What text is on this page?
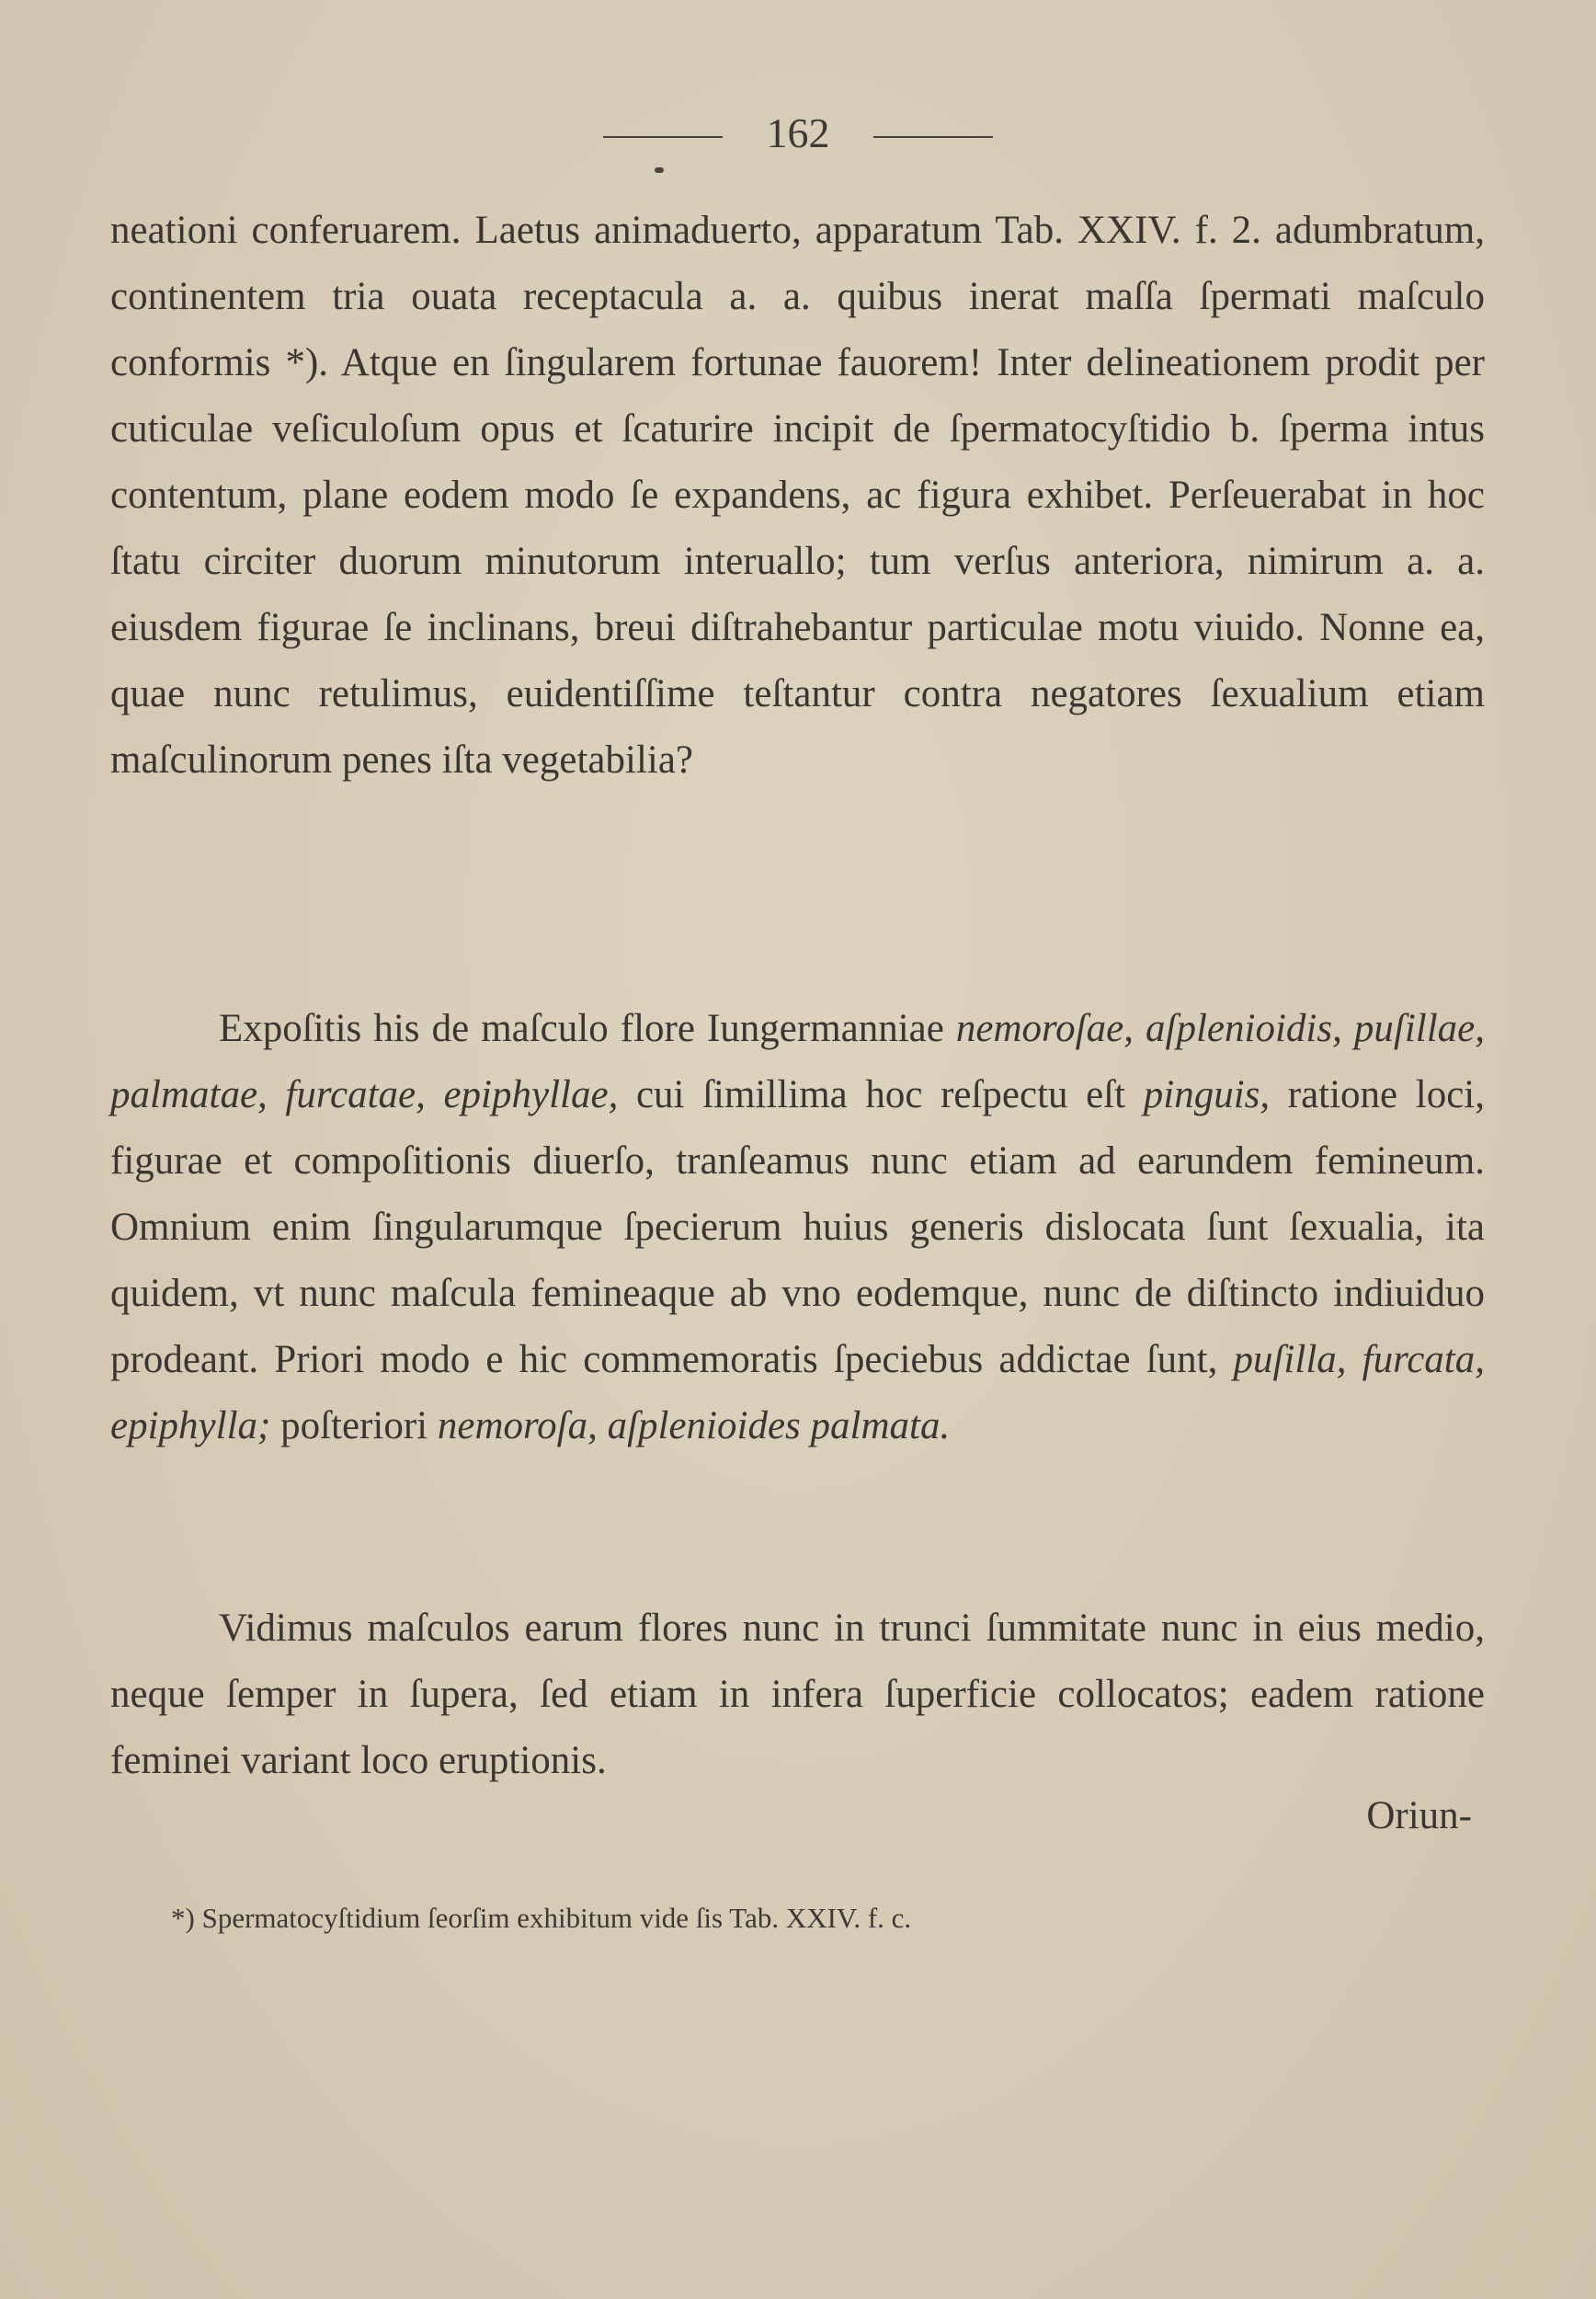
162

neationi conferuarem. Laetus animaduerto, apparatum Tab. XXIV. f. 2. adumbratum, continentem tria ouata receptacula a. a. quibus inerat maſſa ſpermati maſculo conformis *). Atque en ſingularem fortunae fauorem! Inter delineationem prodit per cuticulae veſiculoſum opus et ſcaturire incipit de ſpermatocyſtidio b. ſperma intus contentum, plane eodem modo ſe expandens, ac figura exhibet. Perſeuerabat in hoc ſtatu circiter duorum minutorum interuallo; tum verſus anteriora, nimirum a. a. eiusdem figurae ſe inclinans, breui diſtrahebantur particulae motu viuido. Nonne ea, quae nunc retulimus, euidentiſſime teſtantur contra negatores ſexualium etiam maſculinorum penes iſta vegetabilia?

Expoſitis his de maſculo flore Iungermanniae nemoroſae, aſplenioidis, puſillae, palmatae, furcatae, epiphyllae, cui ſimillima hoc reſpectu eſt pinguis, ratione loci, figurae et compoſitionis diuerſo, tranſeamus nunc etiam ad earundem femineum. Omnium enim ſingularumque ſpecierum huius generis dislocata ſunt ſexualia, ita quidem, vt nunc maſcula femineaque ab vno eodemque, nunc de diſtincto indiuiduo prodeant. Priori modo e hic commemoratis ſpeciebus addictae ſunt, puſilla, furcata, epiphylla; poſteriori nemoroſa, aſplenioides palmata.

Vidimus maſculos earum flores nunc in trunci ſummitate nunc in eius medio, neque ſemper in ſupera, ſed etiam in infera ſuperficie collocatos; eadem ratione feminei variant loco eruptionis.

Oriun-
*) Spermatocyſtidium ſeorſim exhibitum vide ſis Tab. XXIV. f. c.
